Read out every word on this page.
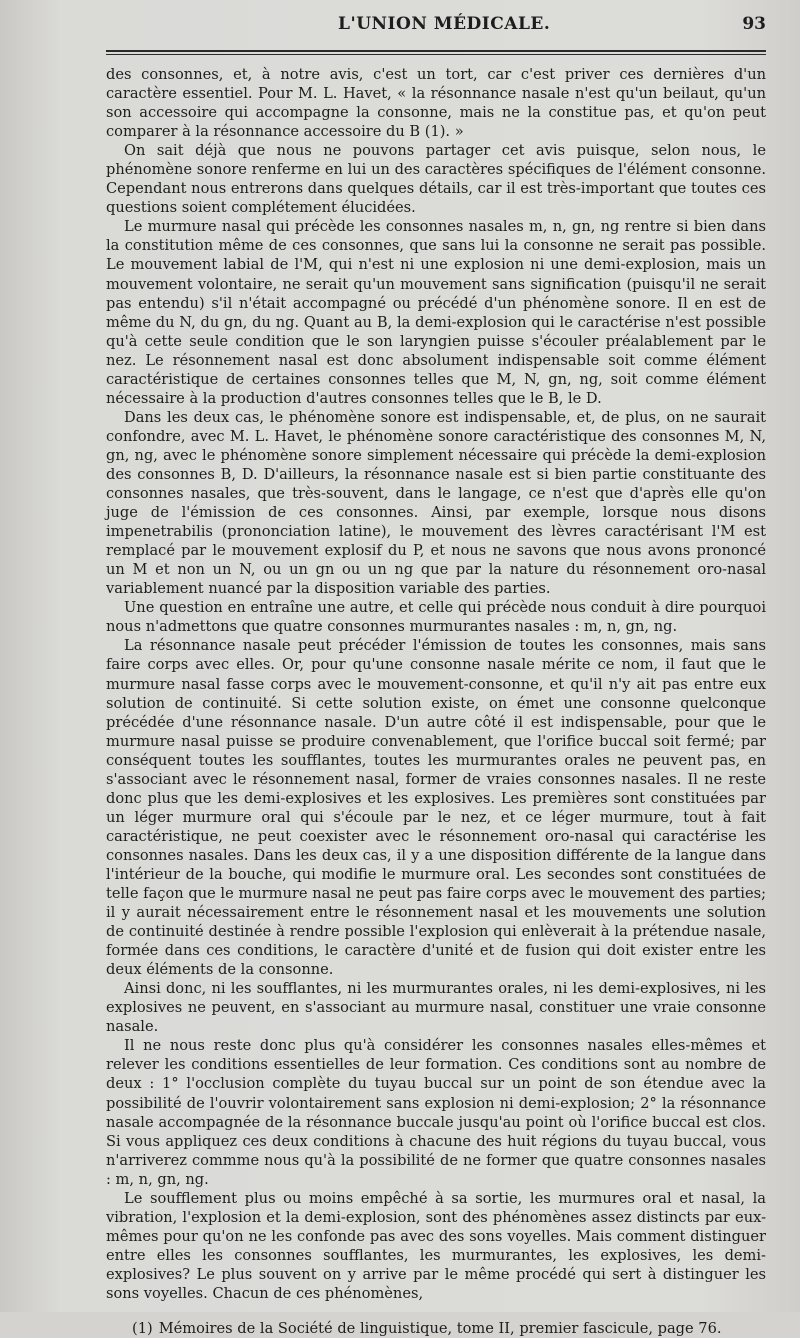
L'UNION MÉDICALE.	93

des consonnes, et, à notre avis, c'est un tort, car c'est priver ces dernières d'un caractère essentiel. Pour M. L. Havet, « la résonnance nasale n'est qu'un beilaut, qu'un son accessoire qui accompagne la consonne, mais ne la constitue pas, et qu'on peut comparer à la résonnance accessoire du B (1). »

On sait déjà que nous ne pouvons partager cet avis puisque, selon nous, le phénomène sonore renferme en lui un des caractères spécifiques de l'élément consonne. Cependant nous entrerons dans quelques détails, car il est très-important que toutes ces questions soient complétement élucidées.

Le murmure nasal qui précède les consonnes nasales m, n, gn, ng rentre si bien dans la constitution même de ces consonnes, que sans lui la consonne ne serait pas possible. Le mouvement labial de l'M, qui n'est ni une explosion ni une demi-explosion, mais un mouvement volontaire, ne serait qu'un mouvement sans signification (puisqu'il ne serait pas entendu) s'il n'était accompagné ou précédé d'un phénomène sonore. Il en est de même du N, du gn, du ng. Quant au B, la demi-explosion qui le caractérise n'est possible qu'à cette seule condition que le son laryngien puisse s'écouler préalablement par le nez. Le résonnement nasal est donc absolument indispensable soit comme élément caractéristique de certaines consonnes telles que M, N, gn, ng, soit comme élément nécessaire à la production d'autres consonnes telles que le B, le D.

Dans les deux cas, le phénomène sonore est indispensable, et, de plus, on ne saurait confondre, avec M. L. Havet, le phénomène sonore caractéristique des consonnes M, N, gn, ng, avec le phénomène sonore simplement nécessaire qui précède la demi-explosion des consonnes B, D. D'ailleurs, la résonnance nasale est si bien partie constituante des consonnes nasales, que très-souvent, dans le langage, ce n'est que d'après elle qu'on juge de l'émission de ces consonnes. Ainsi, par exemple, lorsque nous disons impenetrabilis (prononciation latine), le mouvement des lèvres caractérisant l'M est remplacé par le mouvement explosif du P, et nous ne savons que nous avons prononcé un M et non un N, ou un gn ou un ng que par la nature du résonnement oro-nasal variablement nuancé par la disposition variable des parties.

Une question en entraîne une autre, et celle qui précède nous conduit à dire pourquoi nous n'admettons que quatre consonnes murmurantes nasales : m, n, gn, ng.

La résonnance nasale peut précéder l'émission de toutes les consonnes, mais sans faire corps avec elles. Or, pour qu'une consonne nasale mérite ce nom, il faut que le murmure nasal fasse corps avec le mouvement-consonne, et qu'il n'y ait pas entre eux solution de continuité. Si cette solution existe, on émet une consonne quelconque précédée d'une résonnance nasale. D'un autre côté il est indispensable, pour que le murmure nasal puisse se produire convenablement, que l'orifice buccal soit fermé; par conséquent toutes les soufflantes, toutes les murmurantes orales ne peuvent pas, en s'associant avec le résonnement nasal, former de vraies consonnes nasales. Il ne reste donc plus que les demi-explosives et les explosives. Les premières sont constituées par un léger murmure oral qui s'écoule par le nez, et ce léger murmure, tout à fait caractéristique, ne peut coexister avec le résonnement oro-nasal qui caractérise les consonnes nasales. Dans les deux cas, il y a une disposition différente de la langue dans l'intérieur de la bouche, qui modifie le murmure oral. Les secondes sont constituées de telle façon que le murmure nasal ne peut pas faire corps avec le mouvement des parties; il y aurait nécessairement entre le résonnement nasal et les mouvements une solution de continuité destinée à rendre possible l'explosion qui enlèverait à la prétendue nasale, formée dans ces conditions, le caractère d'unité et de fusion qui doit exister entre les deux éléments de la consonne.

Ainsi donc, ni les soufflantes, ni les murmurantes orales, ni les demi-explosives, ni les explosives ne peuvent, en s'associant au murmure nasal, constituer une vraie consonne nasale.

Il ne nous reste donc plus qu'à considérer les consonnes nasales elles-mêmes et relever les conditions essentielles de leur formation. Ces conditions sont au nombre de deux : 1° l'occlusion complète du tuyau buccal sur un point de son étendue avec la possibilité de l'ouvrir volontairement sans explosion ni demi-explosion; 2° la résonnance nasale accompagnée de la résonnance buccale jusqu'au point où l'orifice buccal est clos. Si vous appliquez ces deux conditions à chacune des huit régions du tuyau buccal, vous n'arriverez commme nous qu'à la possibilité de ne former que quatre consonnes nasales : m, n, gn, ng.

Le soufflement plus ou moins empêché à sa sortie, les murmures oral et nasal, la vibration, l'explosion et la demi-explosion, sont des phénomènes assez distincts par eux-mêmes pour qu'on ne les confonde pas avec des sons voyelles. Mais comment distinguer entre elles les consonnes soufflantes, les murmurantes, les explosives, les demi-explosives? Le plus souvent on y arrive par le même procédé qui sert à distinguer les sons voyelles. Chacun de ces phénomènes,

(1) Mémoires de la Société de linguistique, tome II, premier fascicule, page 76.
